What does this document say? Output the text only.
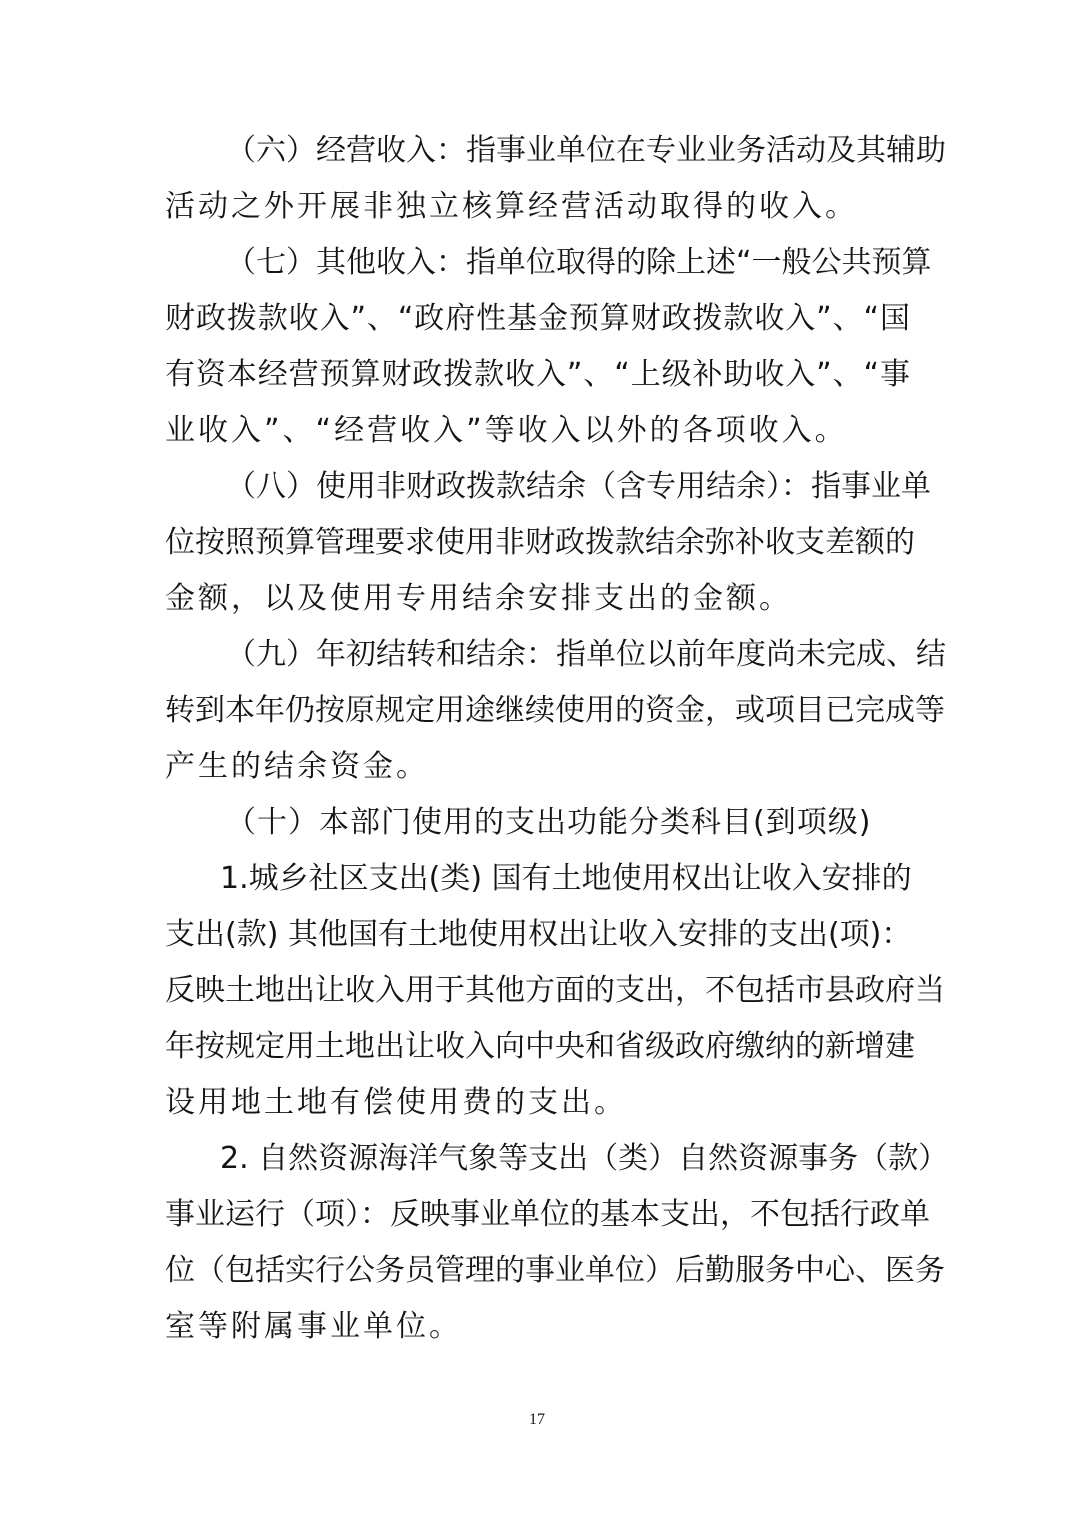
（六）经营收入：指事业单位在专业业务活动及其辅助
活动之外开展非独立核算经营活动取得的收入。
（七）其他收入：指单位取得的除上述“一般公共预算
财政拨款收入”、“政府性基金预算财政拨款收入”、“国
有资本经营预算财政拨款收入”、“上级补助收入”、“事
业收入”、“经营收入”等收入以外的各项收入。
（八）使用非财政拨款结余（含专用结余）：指事业单
位按照预算管理要求使用非财政拨款结余弥补收支差额的
金额，以及使用专用结余安排支出的金额。
（九）年初结转和结余：指单位以前年度尚未完成、结
转到本年仍按原规定用途继续使用的资金，或项目已完成等
产生的结余资金。
（十）本部门使用的支出功能分类科目(到项级)
1.城乡社区支出(类) 国有土地使用权出让收入安排的
支出(款) 其他国有土地使用权出让收入安排的支出(项)：
反映土地出让收入用于其他方面的支出，不包括市县政府当
年按规定用土地出让收入向中央和省级政府缴纳的新增建
设用地土地有偿使用费的支出。
2. 自然资源海洋气象等支出（类）自然资源事务（款）
事业运行（项）：反映事业单位的基本支出，不包括行政单
位（包括实行公务员管理的事业单位）后勤服务中心、医务
室等附属事业单位。
17
